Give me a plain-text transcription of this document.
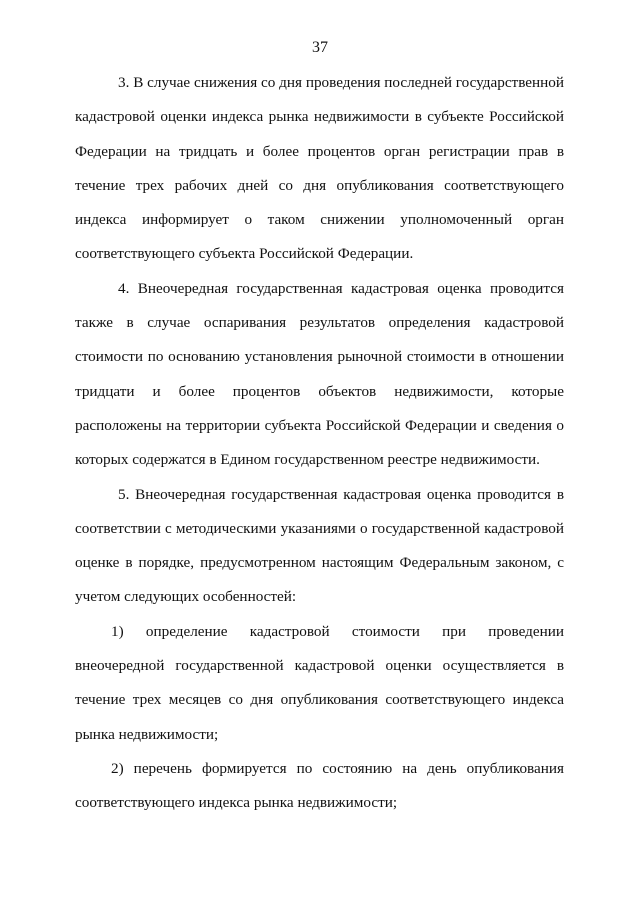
37

3. В случае снижения со дня проведения последней государственной кадастровой оценки индекса рынка недвижимости в субъекте Российской Федерации на тридцать и более процентов орган регистрации прав в течение трех рабочих дней со дня опубликования соответствующего индекса информирует о таком снижении уполномоченный орган соответствующего субъекта Российской Федерации.

4. Внеочередная государственная кадастровая оценка проводится также в случае оспаривания результатов определения кадастровой стоимости по основанию установления рыночной стоимости в отношении тридцати и более процентов объектов недвижимости, которые расположены на территории субъекта Российской Федерации и сведения о которых содержатся в Едином государственном реестре недвижимости.

5. Внеочередная государственная кадастровая оценка проводится в соответствии с методическими указаниями о государственной кадастровой оценке в порядке, предусмотренном настоящим Федеральным законом, с учетом следующих особенностей:

1) определение кадастровой стоимости при проведении внеочередной государственной кадастровой оценки осуществляется в течение трех месяцев со дня опубликования соответствующего индекса рынка недвижимости;

2) перечень формируется по состоянию на день опубликования соответствующего индекса рынка недвижимости;
